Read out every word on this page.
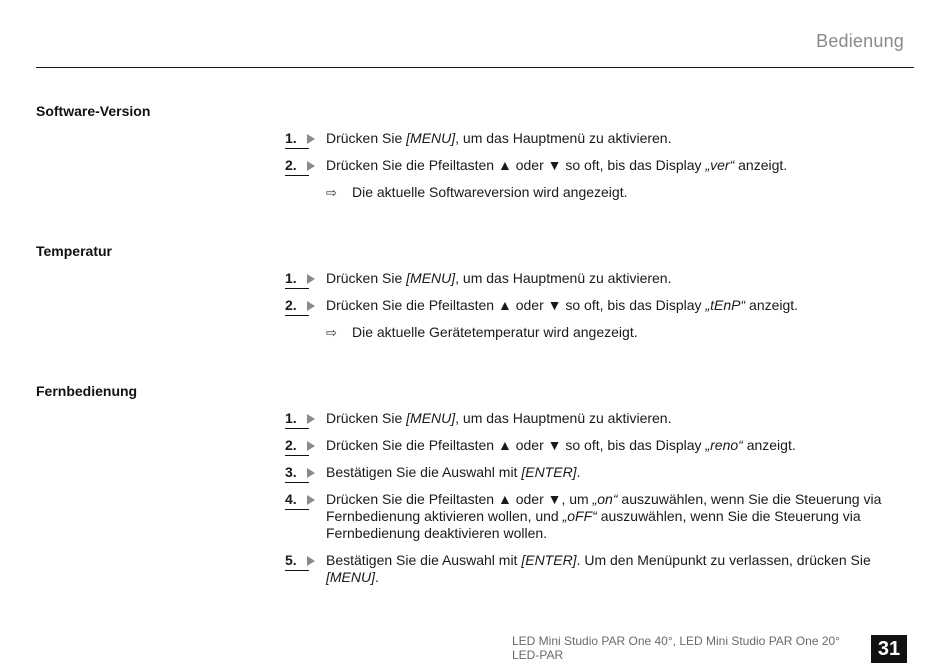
Bedienung
Software-Version
1.	Drücken Sie [MENU], um das Hauptmenü zu aktivieren.
2.	Drücken Sie die Pfeiltasten ▲ oder ▼ so oft, bis das Display „ver“ anzeigt.
⇨ Die aktuelle Softwareversion wird angezeigt.
Temperatur
1.	Drücken Sie [MENU], um das Hauptmenü zu aktivieren.
2.	Drücken Sie die Pfeiltasten ▲ oder ▼ so oft, bis das Display „tEnP“ anzeigt.
⇨ Die aktuelle Gerätetemperatur wird angezeigt.
Fernbedienung
1.	Drücken Sie [MENU], um das Hauptmenü zu aktivieren.
2.	Drücken Sie die Pfeiltasten ▲ oder ▼ so oft, bis das Display „reno“ anzeigt.
3.	Bestätigen Sie die Auswahl mit [ENTER].
4.	Drücken Sie die Pfeiltasten ▲ oder ▼, um „on“ auszuwählen, wenn Sie die Steuerung via Fernbedienung aktivieren wollen, und „oFF“ auszuwählen, wenn Sie die Steuerung via Fernbedienung deaktivieren wollen.
5.	Bestätigen Sie die Auswahl mit [ENTER]. Um den Menüpunkt zu verlassen, drücken Sie [MENU].
LED Mini Studio PAR One 40°, LED Mini Studio PAR One 20°
LED-PAR	31
